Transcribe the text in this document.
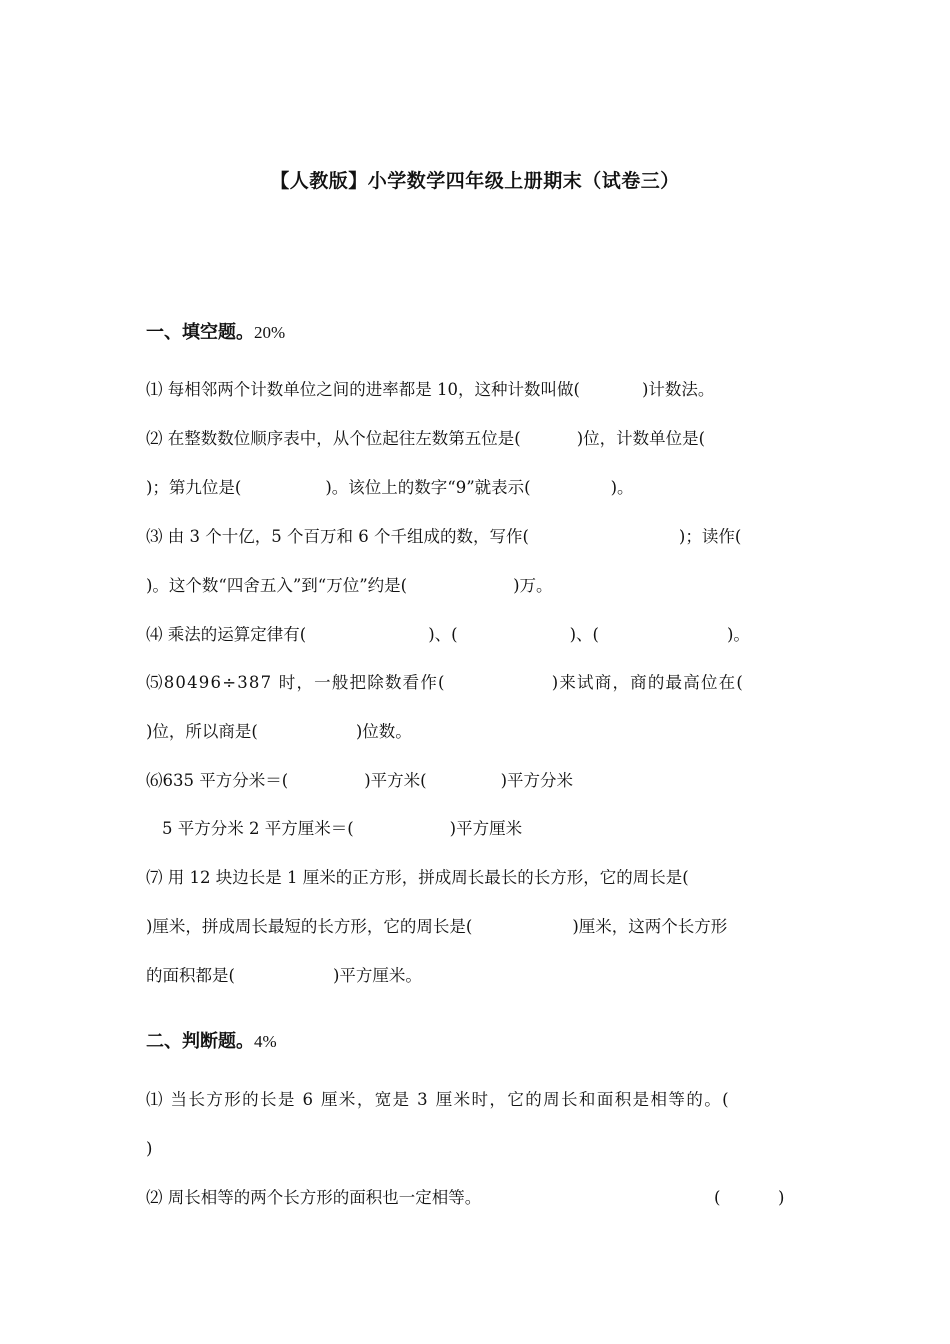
【人教版】小学数学四年级上册期末（试卷三）
一、填空题。20%
⑴ 每相邻两个计数单位之间的进率都是 10，这种计数叫做(	)计数法。
⑵ 在整数数位顺序表中，从个位起往左数第五位是(	)位，计数单位是(
)；第九位是(	)。该位上的数字“9”就表示(	)。
⑶ 由 3 个十亿，5 个百万和 6 个千组成的数，写作(	)；读作(
)。这个数“四舍五入”到“万位”约是(	)万。
⑷ 乘法的运算定律有(	)、(	)、(	)。
⑸80496÷387 时，一般把除数看作(	)来试商，商的最高位在(
)位，所以商是(	)位数。
⑹635 平方分米＝(	)平方米(	)平方分米
5 平方分米 2 平方厘米＝(	)平方厘米
⑺ 用 12 块边长是 1 厘米的正方形，拼成周长最长的长方形，它的周长是(
)厘米，拼成周长最短的长方形，它的周长是(	)厘米，这两个长方形
的面积都是(	)平方厘米。
二、判断题。4%
⑴ 当长方形的长是 6 厘米，宽是 3 厘米时，它的周长和面积是相等的。(
)
⑵ 周长相等的两个长方形的面积也一定相等。	(	)
